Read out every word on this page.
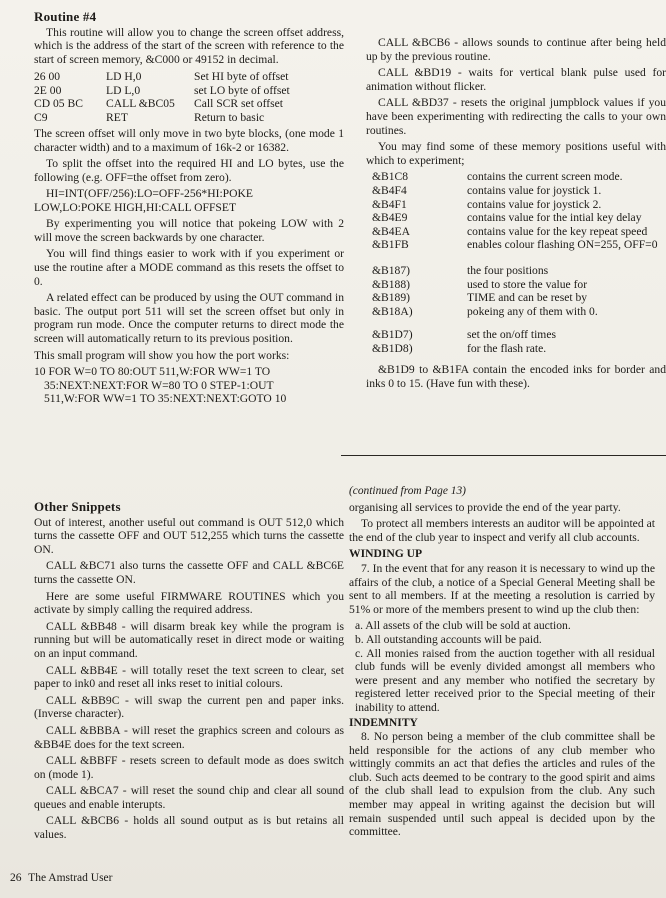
Routine #4

This routine will allow you to change the screen offset address, which is the address of the start of the screen with reference to the start of screen memory, &C000 or 49152 in decimal.

26 00	LD H,0	Set HI byte of offset
2E 00	LD L,0	set LO byte of offset
CD 05 BC	CALL &BC05	Call SCR set offset
C9	RET	Return to basic

The screen offset will only move in two byte blocks, (one mode 1 character width) and to a maximum of 16k-2 or 16382.

To split the offset into the required HI and LO bytes, use the following (e.g. OFF=the offset from zero).

HI=INT(OFF/256):LO=OFF-256*HI:POKE
LOW,LO:POKE HIGH,HI:CALL OFFSET

By experimenting you will notice that pokeing LOW with 2 will move the screen backwards by one character.

You will find things easier to work with if you experiment or use the routine after a MODE command as this resets the offset to 0.

A related effect can be produced by using the OUT command in basic. The output port 511 will set the screen offset but only in program run mode. Once the computer returns to direct mode the screen will automatically return to its previous position.

This small program will show you how the port works:

10 FOR W=0 TO 80:OUT 511,W:FOR WW=1 TO
35:NEXT:NEXT:FOR W=80 TO 0 STEP-1:OUT
511,W:FOR WW=1 TO 35:NEXT:NEXT:GOTO 10
Other Snippets

Out of interest, another useful out command is OUT 512,0 which turns the cassette OFF and OUT 512,255 which turns the cassette ON.

CALL &BC71 also turns the cassette OFF and CALL &BC6E turns the cassette ON.

Here are some useful FIRMWARE ROUTINES which you activate by simply calling the required address.

CALL &BB48 - will disarm break key while the program is running but will be automatically reset in direct mode or waiting on an input command.

CALL &BB4E - will totally reset the text screen to clear, set paper to ink0 and reset all inks reset to initial colours.

CALL &BB9C - will swap the current pen and paper inks. (Inverse character).

CALL &BBBA - will reset the graphics screen and colours as &BB4E does for the text screen.

CALL &BBFF - resets screen to default mode as does switch on (mode 1).

CALL &BCA7 - will reset the sound chip and clear all sound queues and enable interupts.

CALL &BCB6 - holds all sound output as is but retains all values.

CALL &BCB6 - allows sounds to continue after being held up by the previous routine.

CALL &BD19 - waits for vertical blank pulse used for animation without flicker.

CALL &BD37 - resets the original jumpblock values if you have been experimenting with redirecting the calls to your own routines.

You may find some of these memory positions useful with which to experiment;

&B1C8	contains the current screen mode.
&B4F4	contains value for joystick 1.
&B4F1	contains value for joystick 2.
&B4E9	contains value for the intial key delay
&B4EA	contains value for the key repeat speed
&B1FB	enables colour flashing ON=255, OFF=0
&B187)	the four positions
&B188)	used to store the value for
&B189)	TIME and can be reset by
&B18A)	pokeing any of them with 0.
&B1D7)	set the on/off times
&B1D8)	for the flash rate.

&B1D9 to &B1FA contain the encoded inks for border and inks 0 to 15. (Have fun with these).

(continued from Page 13)

organising all services to provide the end of the year party.

To protect all members interests an auditor will be appointed at the end of the club year to inspect and verify all club accounts.

WINDING UP

7. In the event that for any reason it is necessary to wind up the affairs of the club, a notice of a Special General Meeting shall be sent to all members. If at the meeting a resolution is carried by 51% or more of the members present to wind up the club then:

a. All assets of the club will be sold at auction.

b. All outstanding accounts will be paid.

c. All monies raised from the auction together with all residual club funds will be evenly divided amongst all members who were present and any member who notified the secretary by registered letter received prior to the Special meeting of their inability to attend.

INDEMNITY

8. No person being a member of the club committee shall be held responsible for the actions of any club member who wittingly commits an act that defies the articles and rules of the club. Such acts deemed to be contrary to the good spirit and aims of the club shall lead to expulsion from the club. Any such member may appeal in writing against the decision but will remain suspended until such appeal is decided upon by the committee.

26 The Amstrad User
